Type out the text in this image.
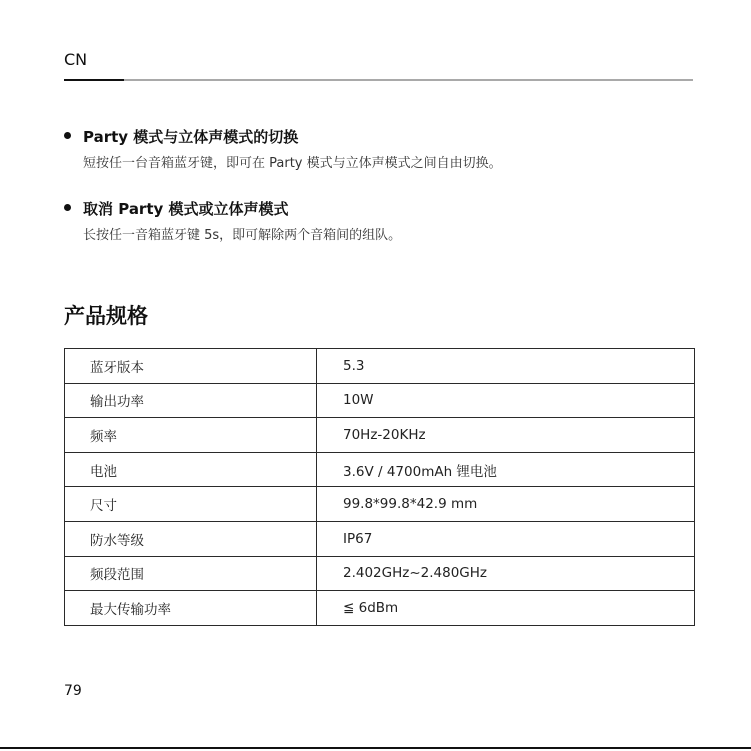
CN
Party 模式与立体声模式的切换
短按任一台音箱蓝牙键，即可在 Party 模式与立体声模式之间自由切换。
取消 Party 模式或立体声模式
长按任一音箱蓝牙键 5s，即可解除两个音箱间的组队。
产品规格
蓝牙版本	5.3
输出功率	10W
频率	70Hz-20KHz
电池	3.6V / 4700mAh 锂电池
尺寸	99.8*99.8*42.9 mm
防水等级	IP67
频段范围	2.402GHz~2.480GHz
最大传输功率	≦ 6dBm
79
